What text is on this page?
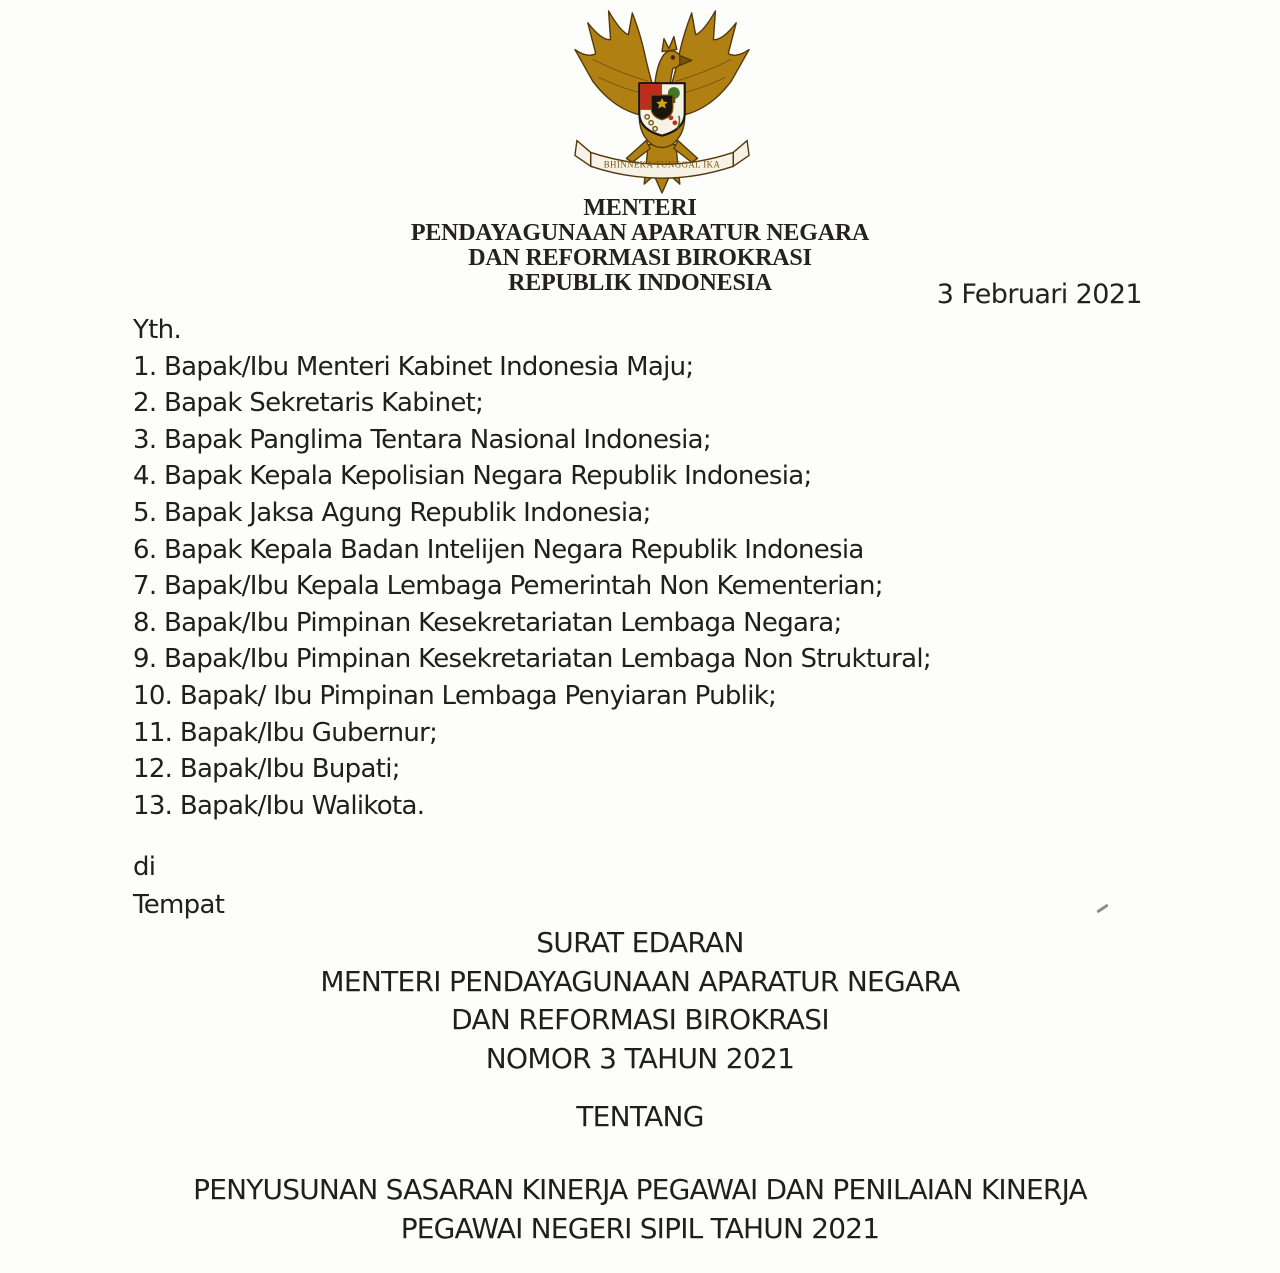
BHINNEKA TUNGGAL IKA
MENTERI
PENDAYAGUNAAN APARATUR NEGARA
DAN REFORMASI BIROKRASI
REPUBLIK INDONESIA	3 Februari 2021
Yth.
1. Bapak/Ibu Menteri Kabinet Indonesia Maju;
2. Bapak Sekretaris Kabinet;
3. Bapak Panglima Tentara Nasional Indonesia;
4. Bapak Kepala Kepolisian Negara Republik Indonesia;
5. Bapak Jaksa Agung Republik Indonesia;
6. Bapak Kepala Badan Intelijen Negara Republik Indonesia
7. Bapak/Ibu Kepala Lembaga Pemerintah Non Kementerian;
8. Bapak/Ibu Pimpinan Kesekretariatan Lembaga Negara;
9. Bapak/Ibu Pimpinan Kesekretariatan Lembaga Non Struktural;
10. Bapak/ Ibu Pimpinan Lembaga Penyiaran Publik;
11. Bapak/Ibu Gubernur;
12. Bapak/Ibu Bupati;
13. Bapak/Ibu Walikota.
di
Tempat
SURAT EDARAN
MENTERI PENDAYAGUNAAN APARATUR NEGARA
DAN REFORMASI BIROKRASI
NOMOR 3 TAHUN 2021
TENTANG
PENYUSUNAN SASARAN KINERJA PEGAWAI DAN PENILAIAN KINERJA
PEGAWAI NEGERI SIPIL TAHUN 2021
